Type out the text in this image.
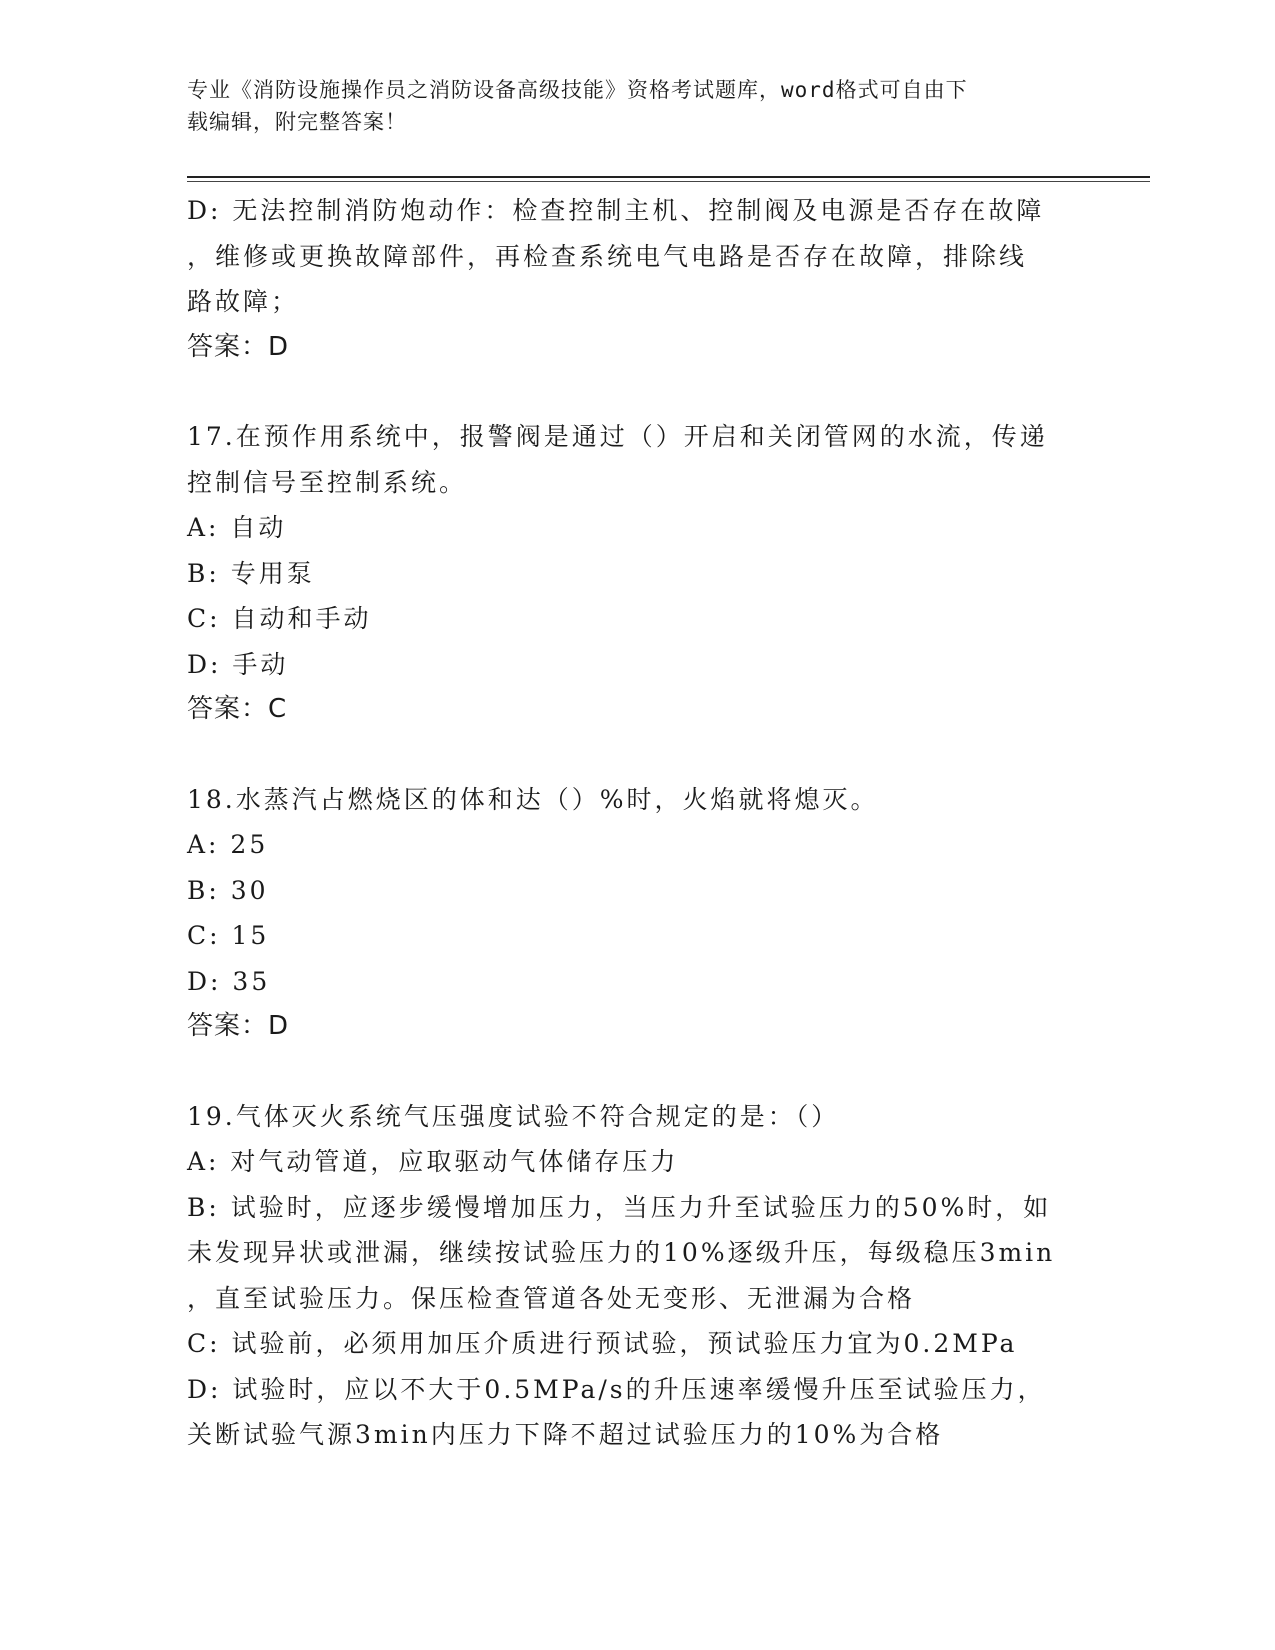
专业《消防设施操作员之消防设备高级技能》资格考试题库，word格式可自由下
载编辑，附完整答案！
D: 无法控制消防炮动作：检查控制主机、控制阀及电源是否存在故障
，维修或更换故障部件，再检查系统电气电路是否存在故障，排除线
路故障；
答案：D
17.在预作用系统中，报警阀是通过（）开启和关闭管网的水流，传递
控制信号至控制系统。
A: 自动
B: 专用泵
C: 自动和手动
D: 手动
答案：C
18.水蒸汽占燃烧区的体和达（）%时，火焰就将熄灭。
A: 25
B: 30
C: 15
D: 35
答案：D
19.气体灭火系统气压强度试验不符合规定的是：（）
A: 对气动管道，应取驱动气体储存压力
B: 试验时，应逐步缓慢增加压力，当压力升至试验压力的50%时，如
未发现异状或泄漏，继续按试验压力的10%逐级升压，每级稳压3min
，直至试验压力。保压检查管道各处无变形、无泄漏为合格
C: 试验前，必须用加压介质进行预试验，预试验压力宜为0.2MPa
D: 试验时，应以不大于0.5MPa/s的升压速率缓慢升压至试验压力，
关断试验气源3min内压力下降不超过试验压力的10%为合格
